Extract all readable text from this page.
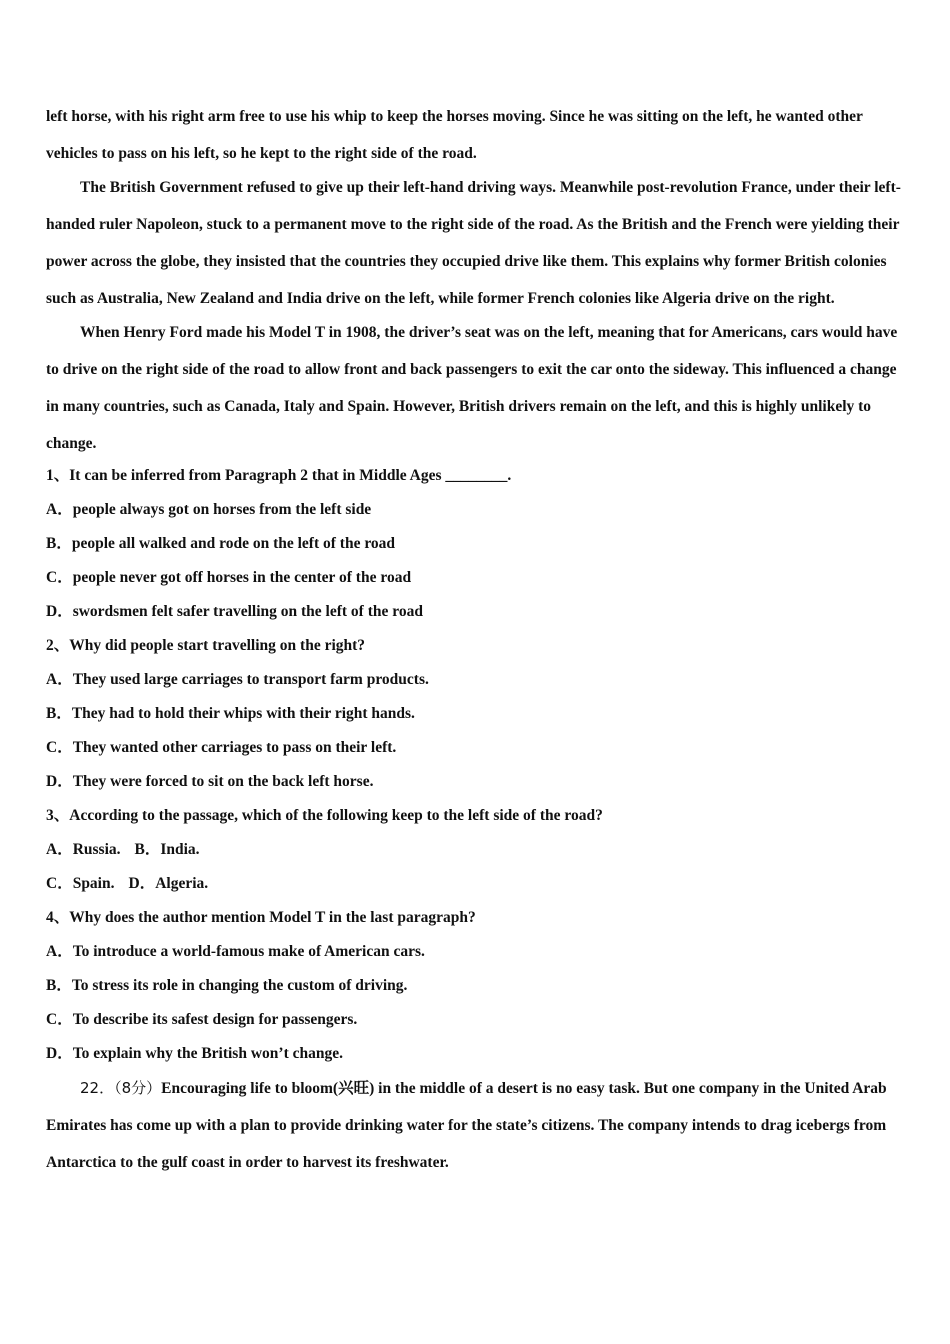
left horse, with his right arm free to use his whip to keep the horses moving. Since he was sitting on the left, he wanted other vehicles to pass on his left, so he kept to the right side of the road.

The British Government refused to give up their left-hand driving ways. Meanwhile post-revolution France, under their left-handed ruler Napoleon, stuck to a permanent move to the right side of the road. As the British and the French were yielding their power across the globe, they insisted that the countries they occupied drive like them. This explains why former British colonies such as Australia, New Zealand and India drive on the left, while former French colonies like Algeria drive on the right.

When Henry Ford made his Model T in 1908, the driver’s seat was on the left, meaning that for Americans, cars would have to drive on the right side of the road to allow front and back passengers to exit the car onto the sideway. This influenced a change in many countries, such as Canada, Italy and Spain. However, British drivers remain on the left, and this is highly unlikely to change.

1、It can be inferred from Paragraph 2 that in Middle Ages ________.

A．people always got on horses from the left side

B．people all walked and rode on the left of the road

C．people never got off horses in the center of the road

D．swordsmen felt safer travelling on the left of the road

2、Why did people start travelling on the right?

A．They used large carriages to transport farm products.

B．They had to hold their whips with their right hands.

C．They wanted other carriages to pass on their left.

D．They were forced to sit on the back left horse.

3、According to the passage, which of the following keep to the left side of the road?

A．Russia. B．India.

C．Spain. D．Algeria.

4、Why does the author mention Model T in the last paragraph?

A．To introduce a world-famous make of American cars.

B．To stress its role in changing the custom of driving.

C．To describe its safest design for passengers.

D．To explain why the British won’t change.

22．（8分）Encouraging life to bloom(兴旺) in the middle of a desert is no easy task. But one company in the United Arab Emirates has come up with a plan to provide drinking water for the state’s citizens. The company intends to drag icebergs from Antarctica to the gulf coast in order to harvest its freshwater.
